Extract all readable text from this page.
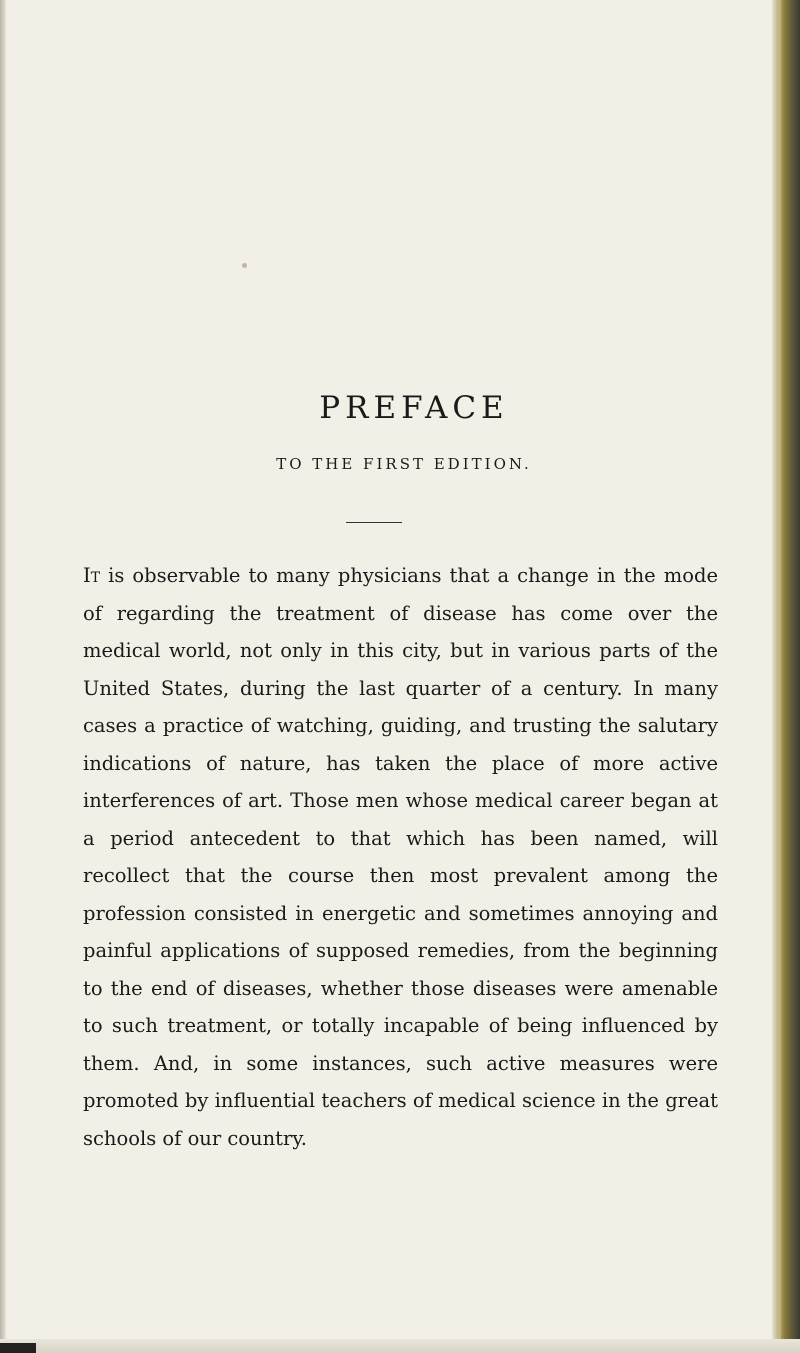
PREFACE
TO THE FIRST EDITION.

It is observable to many physicians that a change in the mode of regarding the treatment of disease has come over the medical world, not only in this city, but in various parts of the United States, during the last quarter of a century. In many cases a practice of watching, guiding, and trusting the salutary indications of nature, has taken the place of more active interferences of art. Those men whose medical career began at a period antecedent to that which has been named, will recollect that the course then most prevalent among the profession consisted in energetic and sometimes annoying and painful applications of supposed remedies, from the beginning to the end of diseases, whether those diseases were amenable to such treatment, or totally incapable of being influenced by them. And, in some instances, such active measures were promoted by influential teachers of medical science in the great schools of our country.
